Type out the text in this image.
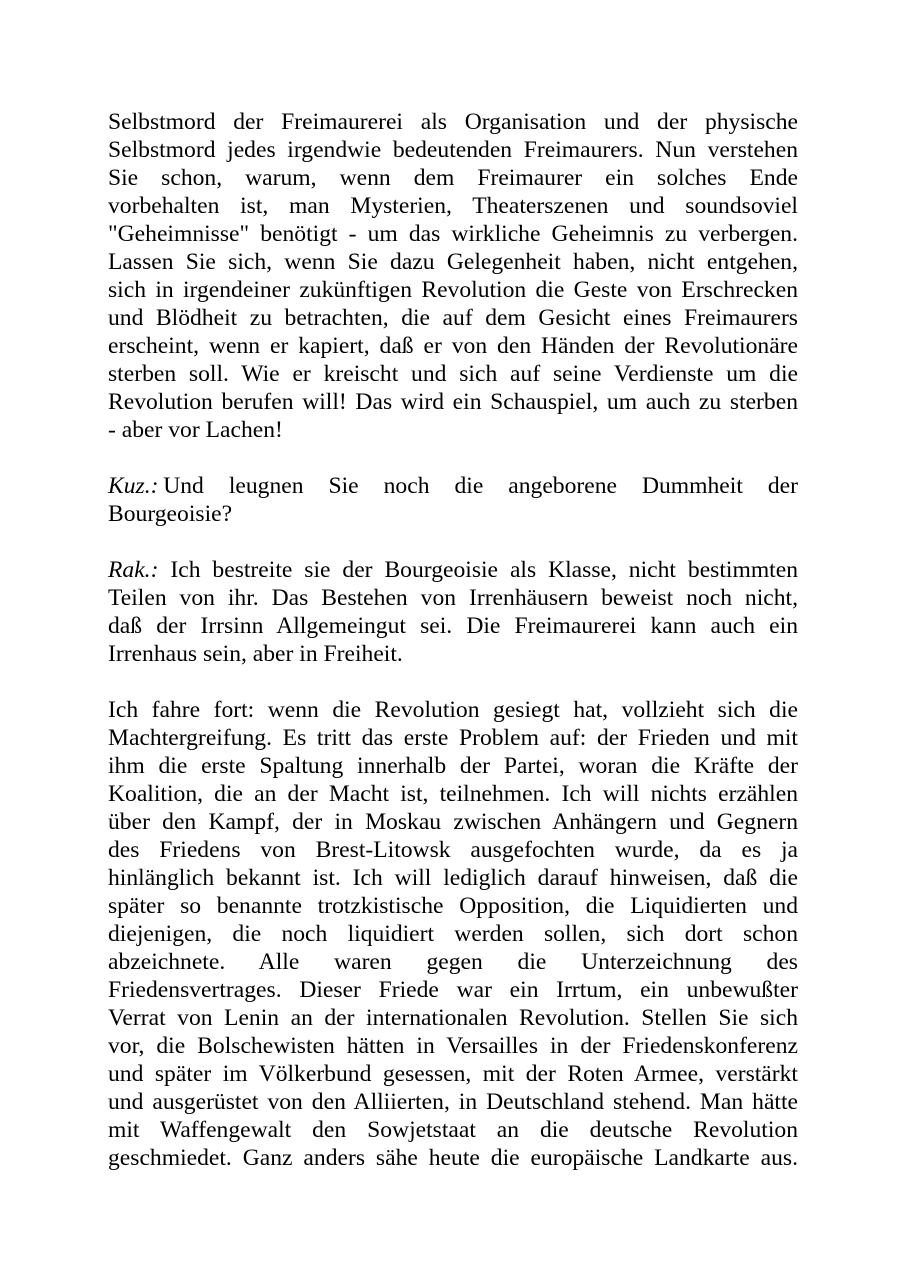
Selbstmord der Freimaurerei als Organisation und der physische
Selbstmord jedes irgendwie bedeutenden Freimaurers. Nun verstehen
Sie schon, warum, wenn dem Freimaurer ein solches Ende
vorbehalten ist, man Mysterien, Theaterszenen und soundsoviel
"Geheimnisse" benötigt - um das wirkliche Geheimnis zu verbergen.
Lassen Sie sich, wenn Sie dazu Gelegenheit haben, nicht entgehen,
sich in irgendeiner zukünftigen Revolution die Geste von Erschrecken
und Blödheit zu betrachten, die auf dem Gesicht eines Freimaurers
erscheint, wenn er kapiert, daß er von den Händen der Revolutionäre
sterben soll. Wie er kreischt und sich auf seine Verdienste um die
Revolution berufen will! Das wird ein Schauspiel, um auch zu sterben
- aber vor Lachen!
Kuz.:  Und leugnen Sie noch die angeborene Dummheit der
Bourgeoisie?
Rak.: Ich bestreite sie der Bourgeoisie als Klasse, nicht bestimmten
Teilen von ihr. Das Bestehen von Irrenhäusern beweist noch nicht,
daß der Irrsinn Allgemeingut sei. Die Freimaurerei kann auch ein
Irrenhaus sein, aber in Freiheit.
Ich fahre fort: wenn die Revolution gesiegt hat, vollzieht sich die
Machtergreifung. Es tritt das erste Problem auf: der Frieden und mit
ihm die erste Spaltung innerhalb der Partei, woran die Kräfte der
Koalition, die an der Macht ist, teilnehmen. Ich will nichts erzählen
über den Kampf, der in Moskau zwischen Anhängern und Gegnern
des Friedens von Brest-Litowsk ausgefochten wurde, da es ja
hinlänglich bekannt ist. Ich will lediglich darauf hinweisen, daß die
später so benannte trotzkistische Opposition, die Liquidierten und
diejenigen, die noch liquidiert werden sollen, sich dort schon
abzeichnete. Alle waren gegen die Unterzeichnung des
Friedensvertrages. Dieser Friede war ein Irrtum, ein unbewußter
Verrat von Lenin an der internationalen Revolution. Stellen Sie sich
vor, die Bolschewisten hätten in Versailles in der Friedenskonferenz
und später im Völkerbund gesessen, mit der Roten Armee, verstärkt
und ausgerüstet von den Alliierten, in Deutschland stehend. Man hätte
mit Waffengewalt den Sowjetstaat an die deutsche Revolution
geschmiedet. Ganz anders sähe heute die europäische Landkarte aus.
